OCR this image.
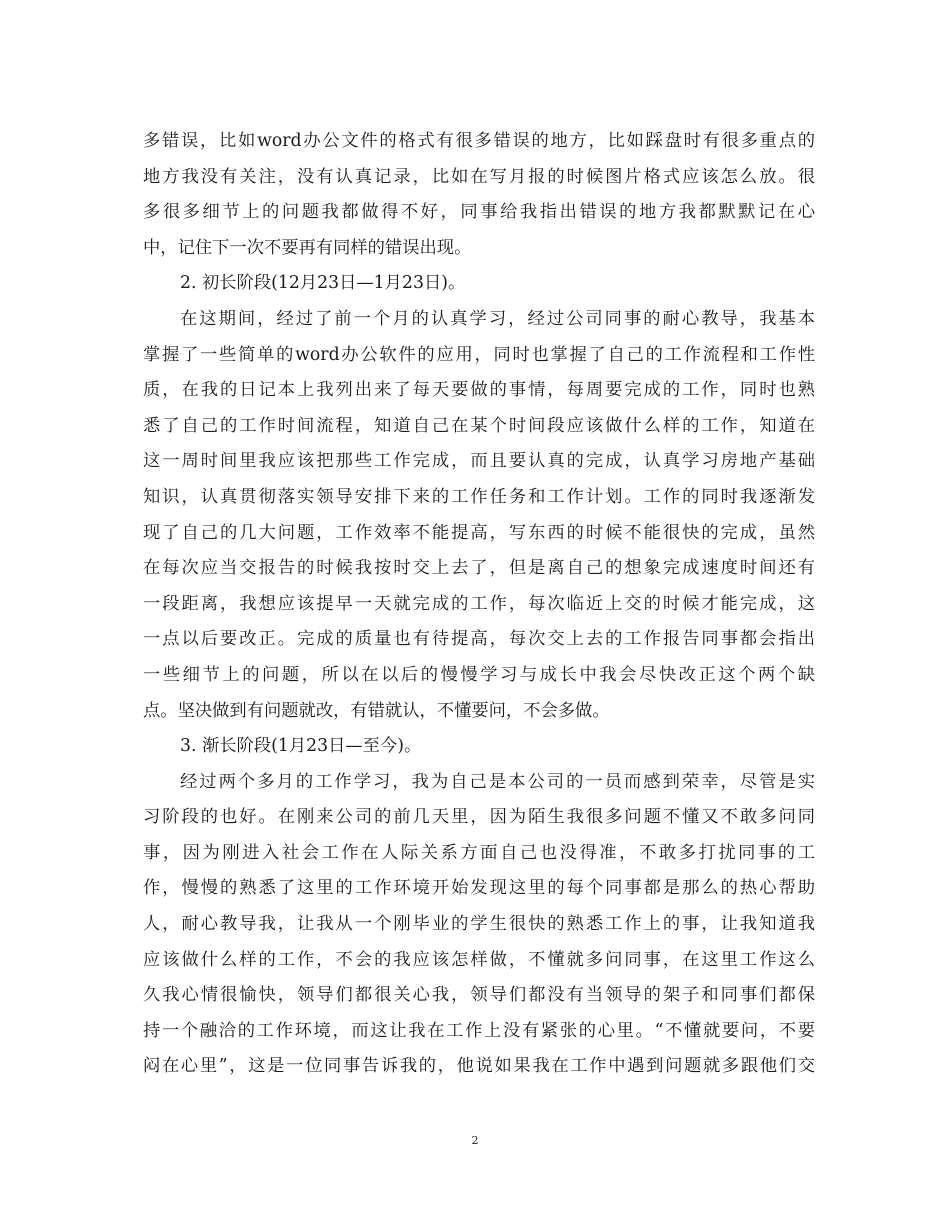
多错误，比如word办公文件的格式有很多错误的地方，比如踩盘时有很多重点的
地方我没有关注，没有认真记录，比如在写月报的时候图片格式应该怎么放。很
多很多细节上的问题我都做得不好，同事给我指出错误的地方我都默默记在心
中，记住下一次不要再有同样的错误出现。
2. 初长阶段(12月23日—1月23日)。
在这期间，经过了前一个月的认真学习，经过公司同事的耐心教导，我基本
掌握了一些简单的word办公软件的应用，同时也掌握了自己的工作流程和工作性
质，在我的日记本上我列出来了每天要做的事情，每周要完成的工作，同时也熟
悉了自己的工作时间流程，知道自己在某个时间段应该做什么样的工作，知道在
这一周时间里我应该把那些工作完成，而且要认真的完成，认真学习房地产基础
知识，认真贯彻落实领导安排下来的工作任务和工作计划。工作的同时我逐渐发
现了自己的几大问题，工作效率不能提高，写东西的时候不能很快的完成，虽然
在每次应当交报告的时候我按时交上去了，但是离自己的想象完成速度时间还有
一段距离，我想应该提早一天就完成的工作，每次临近上交的时候才能完成，这
一点以后要改正。完成的质量也有待提高，每次交上去的工作报告同事都会指出
一些细节上的问题，所以在以后的慢慢学习与成长中我会尽快改正这个两个缺
点。坚决做到有问题就改，有错就认，不懂要问，不会多做。
3. 渐长阶段(1月23日—至今)。
经过两个多月的工作学习，我为自己是本公司的一员而感到荣幸，尽管是实
习阶段的也好。在刚来公司的前几天里，因为陌生我很多问题不懂又不敢多问同
事，因为刚进入社会工作在人际关系方面自己也没得准，不敢多打扰同事的工
作，慢慢的熟悉了这里的工作环境开始发现这里的每个同事都是那么的热心帮助
人，耐心教导我，让我从一个刚毕业的学生很快的熟悉工作上的事，让我知道我
应该做什么样的工作，不会的我应该怎样做，不懂就多问同事，在这里工作这么
久我心情很愉快，领导们都很关心我，领导们都没有当领导的架子和同事们都保
持一个融洽的工作环境，而这让我在工作上没有紧张的心里。“不懂就要问，不要
闷在心里”，这是一位同事告诉我的，他说如果我在工作中遇到问题就多跟他们交
2
